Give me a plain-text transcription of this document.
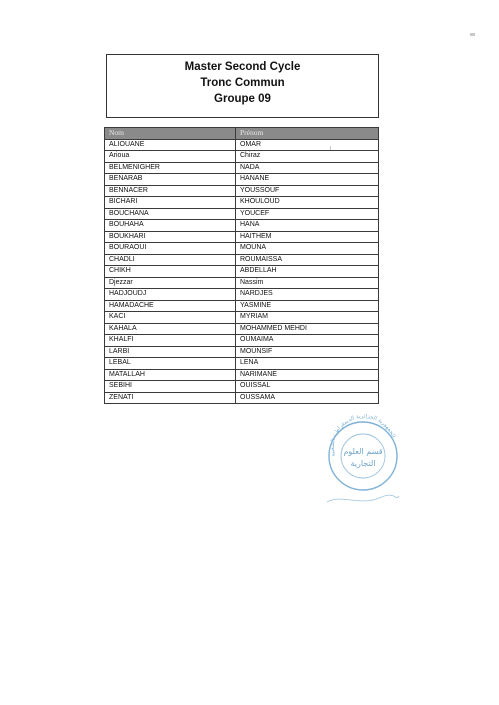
Master Second Cycle
Tronc Commun
Groupe 09
Nom	Prénom
ALIOUANE	OMAR
Arioua	Chiraz
BELMENIGHER	NADA
BENARAB	HANANE
BENNACER	YOUSSOUF
BICHARI	KHOULOUD
BOUCHANA	YOUCEF
BOUHAHA	HANA
BOUKHARI	HAITHEM
BOURAOUI	MOUNA
CHADLI	ROUMAISSA
CHIKH	ABDELLAH
Djezzar	Nassim
HADJOUDJ	NARDJES
HAMADACHE	YASMINE
KACI	MYRIAM
KAHALA	MOHAMMED MEHDI
KHALFI	OUMAIMA
LARBI	MOUNSIF
LEBAL	LENA
MATALLAH	NARIMANE
SEBIHI	OUISSAL
ZENATI	OUSSAMA
الجمهورية الجزائرية الديمقراطية الشعبية
قسم العلوم
التجارية
